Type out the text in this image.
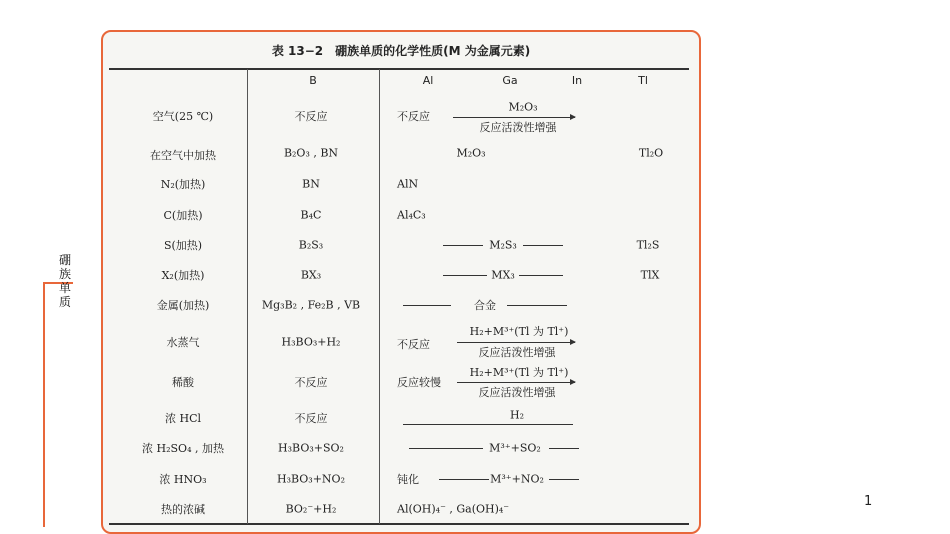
硼族单质
1
表 13−2　硼族单质的化学性质(M 为金属元素)
B	Al	Ga	In	Tl
空气(25 ℃)	不反应	不反应
M₂O₃
反应活泼性增强
在空气中加热	B₂O₃ , BN	M₂O₃	Tl₂O
N₂(加热)	BN	AlN
C(加热)	B₄C	Al₄C₃
S(加热)	B₂S₃	M₂S₃	Tl₂S
X₂(加热)	BX₃	MX₃	TlX
金属(加热)	Mg₃B₂ , Fe₂B , VB	合金
水蒸气	H₃BO₃+H₂	不反应
H₂+M³⁺(Tl 为 Tl⁺)
反应活泼性增强
稀酸	不反应	反应较慢
H₂+M³⁺(Tl 为 Tl⁺)
反应活泼性增强
浓 HCl	不反应	H₂
浓 H₂SO₄ , 加热	H₃BO₃+SO₂	M³⁺+SO₂
浓 HNO₃	H₃BO₃+NO₂	钝化	M³⁺+NO₂
热的浓碱	BO₂⁻+H₂	Al(OH)₄⁻ , Ga(OH)₄⁻
